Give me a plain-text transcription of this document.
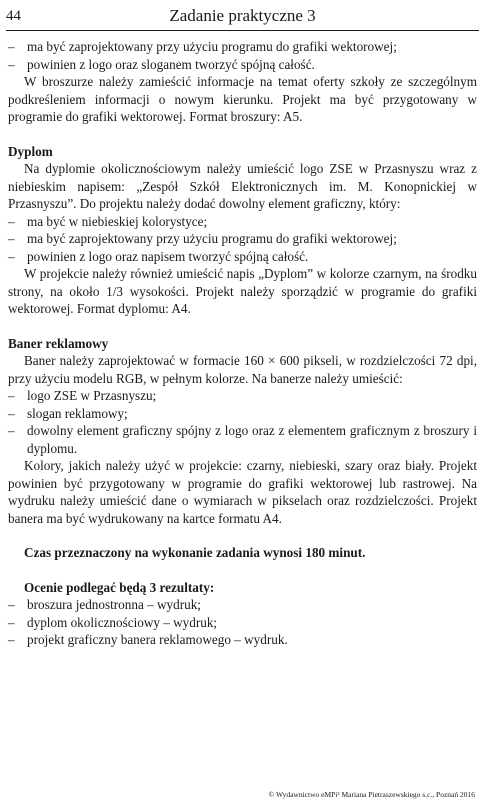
44	Zadanie praktyczne 3
– ma być zaprojektowany przy użyciu programu do grafiki wektorowej;
– powinien z logo oraz sloganem tworzyć spójną całość.

W broszurze należy zamieścić informacje na temat oferty szkoły ze szczególnym podkreśleniem informacji o nowym kierunku. Projekt ma być przygotowany w programie do grafiki wektorowej. Format broszury: A5.

Dyplom

Na dyplomie okolicznościowym należy umieścić logo ZSE w Przasnyszu wraz z niebieskim napisem: „Zespół Szkół Elektronicznych im. M. Konopnickiej w Przasnyszu”. Do projektu należy dodać dowolny element graficzny, który:

– ma być w niebieskiej kolorystyce;
– ma być zaprojektowany przy użyciu programu do grafiki wektorowej;
– powinien z logo oraz napisem tworzyć spójną całość.

W projekcie należy również umieścić napis „Dyplom” w kolorze czarnym, na środku strony, na około 1/3 wysokości. Projekt należy sporządzić w programie do grafiki wektorowej. Format dyplomu: A4.

Baner reklamowy

Baner należy zaprojektować w formacie 160 × 600 pikseli, w rozdzielczości 72 dpi, przy użyciu modelu RGB, w pełnym kolorze. Na banerze należy umieścić:

– logo ZSE w Przasnyszu;
– slogan reklamowy;
– dowolny element graficzny spójny z logo oraz z elementem graficznym z broszury i dyplomu.

Kolory, jakich należy użyć w projekcie: czarny, niebieski, szary oraz biały. Projekt powinien być przygotowany w programie do grafiki wektorowej lub rastrowej. Na wydruku należy umieścić dane o wymiarach w pikselach oraz rozdzielczości. Projekt banera ma być wydrukowany na kartce formatu A4.

Czas przeznaczony na wykonanie zadania wynosi 180 minut.

Ocenie podlegać będą 3 rezultaty:

– broszura jednostronna – wydruk;
– dyplom okolicznościowy – wydruk;
– projekt graficzny banera reklamowego – wydruk.
© Wydawnictwo eMPi² Mariana Pietraszewskiego s.c., Poznań 2016
